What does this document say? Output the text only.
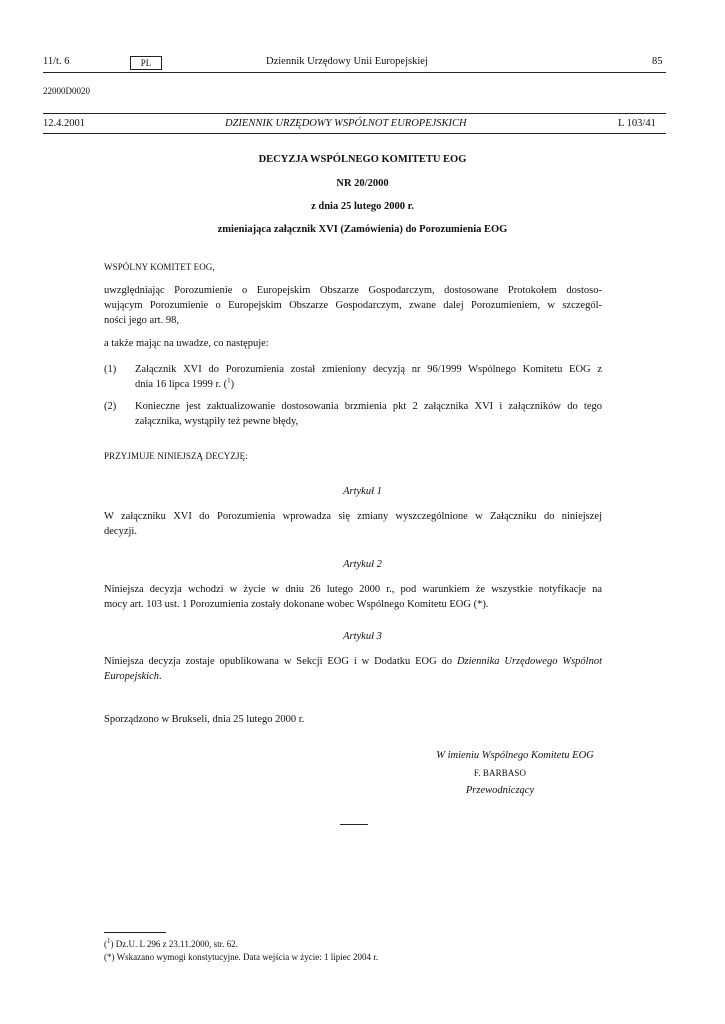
11/t. 6	PL	Dziennik Urzędowy Unii Europejskiej	85
22000D0020
12.4.2001	DZIENNIK URZĘDOWY WSPÓLNOT EUROPEJSKICH	L 103/41
DECYZJA WSPÓLNEGO KOMITETU EOG
NR 20/2000
z dnia 25 lutego 2000 r.
zmieniająca załącznik XVI (Zamówienia) do Porozumienia EOG
WSPÓLNY KOMITET EOG,
uwzględniając Porozumienie o Europejskim Obszarze Gospodarczym, dostosowane Protokołem dostoso-
wującym Porozumienie o Europejskim Obszarze Gospodarczym, zwane dalej Porozumieniem, w szczegól-
ności jego art. 98,
a także mając na uwadze, co następuje:
(1) Załącznik XVI do Porozumienia został zmieniony decyzją nr 96/1999 Wspólnego Komitetu EOG z
dnia 16 lipca 1999 r. ($^1$)
(2) Konieczne jest zaktualizowanie dostosowania brzmienia pkt 2 załącznika XVI i załączników do tego
załącznika, wystąpiły też pewne błędy,
PRZYJMUJE NINIEJSZĄ DECYZJĘ:
Artykuł 1
W załączniku XVI do Porozumienia wprowadza się zmiany wyszczególnione w Załączniku do niniejszej
decyzji.
Artykuł 2
Niniejsza decyzja wchodzi w życie w dniu 26 lutego 2000 r., pod warunkiem że wszystkie notyfikacje na
mocy art. 103 ust. 1 Porozumienia zostały dokonane wobec Wspólnego Komitetu EOG (*).
Artykuł 3
Niniejsza decyzja zostaje opublikowana w Sekcji EOG i w Dodatku EOG do Dziennika Urzędowego Wspólnot
Europejskich.
Sporządzono w Brukseli, dnia 25 lutego 2000 r.
W imieniu Wspólnego Komitetu EOG
F. BARBASO
Przewodniczący
($^1$) Dz.U. L 296 z 23.11.2000, str. 62.
(*) Wskazano wymogi konstytucyjne. Data wejścia w życie: 1 lipiec 2004 r.
